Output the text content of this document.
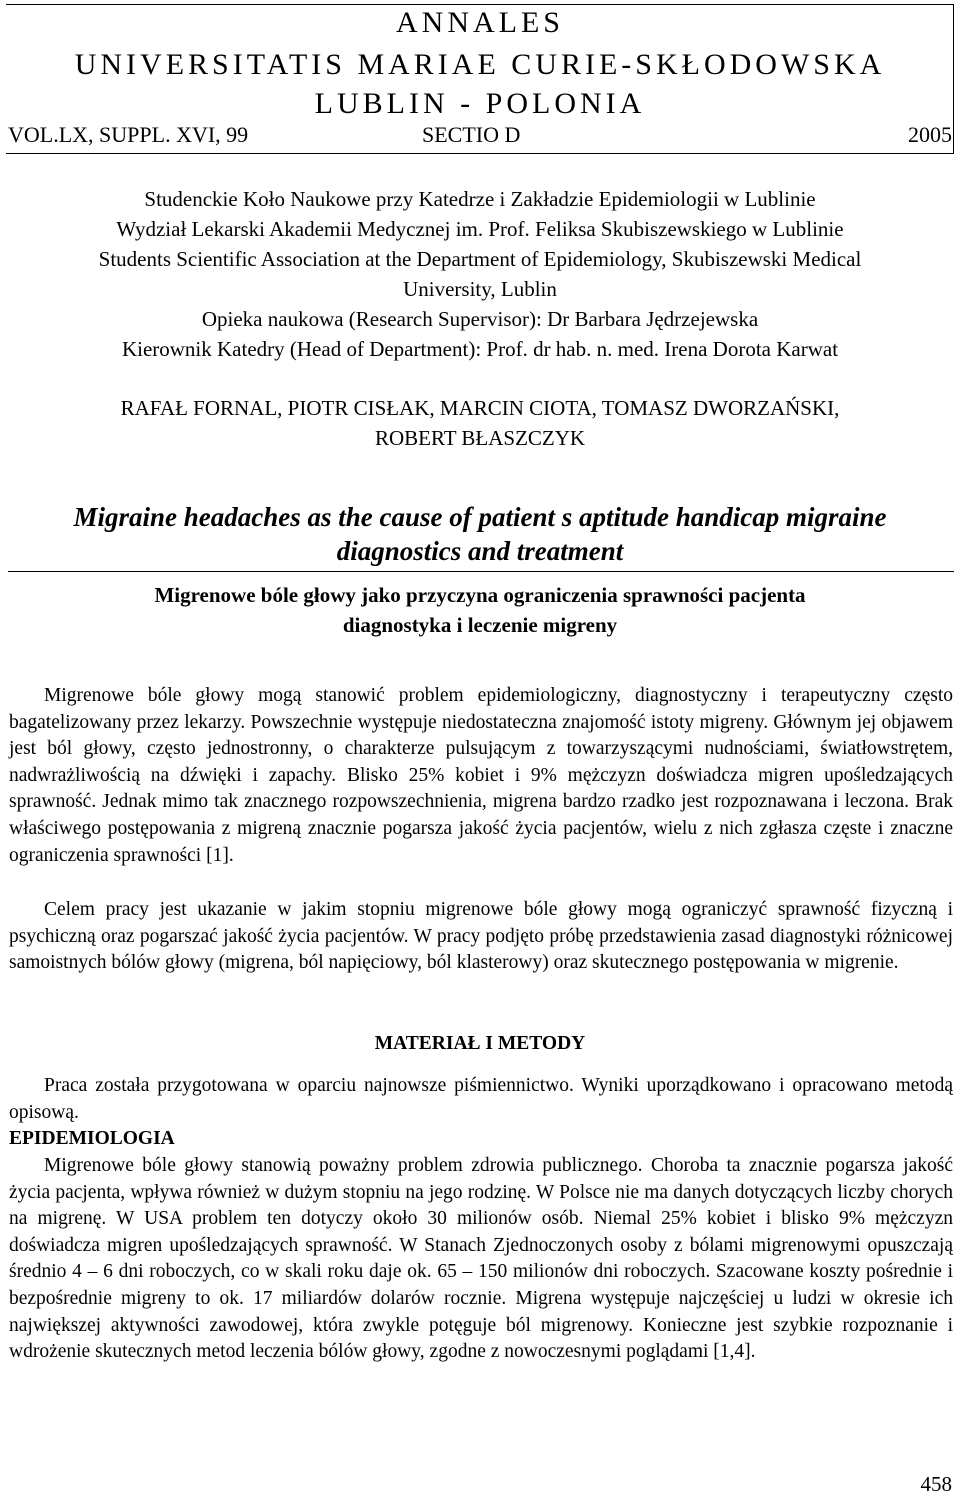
ANNALES
UNIVERSITATIS MARIAE CURIE-SKŁODOWSKA
LUBLIN - POLONIA
VOL.LX, SUPPL. XVI, 99	SECTIO D	2005
Studenckie Koło Naukowe przy Katedrze i Zakładzie Epidemiologii w Lublinie
Wydział Lekarski Akademii Medycznej im. Prof. Feliksa Skubiszewskiego w Lublinie
Students Scientific Association at the Department of Epidemiology, Skubiszewski Medical
University, Lublin
Opieka naukowa (Research Supervisor): Dr Barbara Jędrzejewska
Kierownik Katedry (Head of Department): Prof. dr hab. n. med. Irena Dorota Karwat
RAFAŁ FORNAL, PIOTR CISŁAK, MARCIN CIOTA, TOMASZ DWORZAŃSKI,
ROBERT BŁASZCZYK
Migraine headaches as the cause of patient s aptitude handicap migraine
diagnostics and treatment
Migrenowe bóle głowy jako przyczyna ograniczenia sprawności pacjenta
diagnostyka i leczenie migreny

Migrenowe bóle głowy mogą stanowić problem epidemiologiczny, diagnostyczny i terapeutyczny często bagatelizowany przez lekarzy. Powszechnie występuje niedostateczna znajomość istoty migreny. Głównym jej objawem jest ból głowy, często jednostronny, o charakterze pulsującym z towarzyszącymi nudnościami, światłowstrętem, nadwrażliwością na dźwięki i zapachy. Blisko 25% kobiet i 9% mężczyzn doświadcza migren upośledzających sprawność. Jednak mimo tak znacznego rozpowszechnienia, migrena bardzo rzadko jest rozpoznawana i leczona. Brak właściwego postępowania z migreną znacznie pogarsza jakość życia pacjentów, wielu z nich zgłasza częste i znaczne ograniczenia sprawności [1].

Celem pracy jest ukazanie w jakim stopniu migrenowe bóle głowy mogą ograniczyć sprawność fizyczną i psychiczną oraz pogarszać jakość życia pacjentów. W pracy podjęto próbę przedstawienia zasad diagnostyki różnicowej samoistnych bólów głowy (migrena, ból napięciowy, ból klasterowy) oraz skutecznego postępowania w migrenie.

MATERIAŁ I METODY

Praca została przygotowana w oparciu najnowsze piśmiennictwo. Wyniki uporządkowano i opracowano metodą opisową.

EPIDEMIOLOGIA

Migrenowe bóle głowy stanowią poważny problem zdrowia publicznego. Choroba ta znacznie pogarsza jakość życia pacjenta, wpływa również w dużym stopniu na jego rodzinę. W Polsce nie ma danych dotyczących liczby chorych na migrenę. W USA problem ten dotyczy około 30 milionów osób. Niemal 25% kobiet i blisko 9% mężczyzn doświadcza migren upośledzających sprawność. W Stanach Zjednoczonych osoby z bólami migrenowymi opuszczają średnio 4 – 6 dni roboczych, co w skali roku daje ok. 65 – 150 milionów dni roboczych. Szacowane koszty pośrednie i bezpośrednie migreny to ok. 17 miliardów dolarów rocznie. Migrena występuje najczęściej u ludzi w okresie ich największej aktywności zawodowej, która zwykle potęguje ból migrenowy. Konieczne jest szybkie rozpoznanie i wdrożenie skutecznych metod leczenia bólów głowy, zgodne z nowoczesnymi poglądami [1,4].

458
